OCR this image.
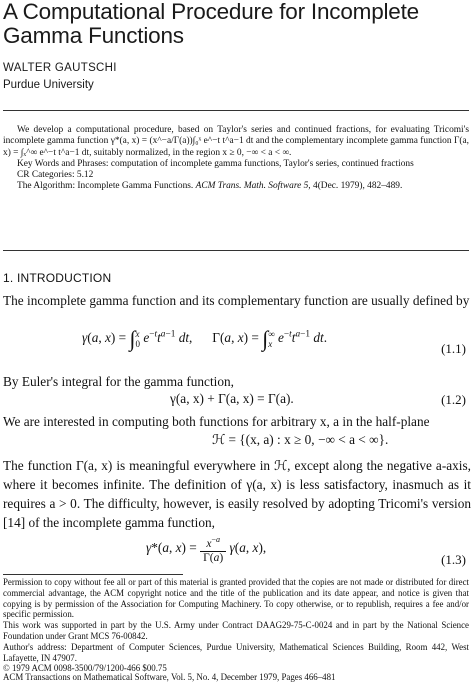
A Computational Procedure for Incomplete
Gamma Functions
WALTER GAUTSCHI
Purdue University

We develop a computational procedure, based on Taylor's series and continued fractions, for evaluating Tricomi's incomplete gamma function γ*(a, x) = (x^−a/Γ(a))∫₀ˣ e^−t t^a−1 dt and the complementary incomplete gamma function Γ(a, x) = ∫ₓ^∞ e^−t t^a−1 dt, suitably normalized, in the region x ≥ 0, −∞ < a < ∞.

Key Words and Phrases: computation of incomplete gamma functions, Taylor's series, continued fractions

CR Categories: 5.12

The Algorithm: Incomplete Gamma Functions. ACM Trans. Math. Software 5, 4(Dec. 1979), 482–489.

1. INTRODUCTION
The incomplete gamma function and its complementary function are usually defined by
γ(a, x) = ∫x
0 $e^{-t}t^{a-1}$ dt,      Γ(a, x) = ∫∞
x $e^{-t}t^{a-1}$ dt.
(1.1)
By Euler's integral for the gamma function,
γ(a, x) + Γ(a, x) = Γ(a).	(1.2)
We are interested in computing both functions for arbitrary x, a in the half-plane
ℋ = {(x, a) : x ≥ 0, −∞ < a < ∞}.
The function Γ(a, x) is meaningful everywhere in ℋ, except along the negative a-axis, where it becomes infinite. The definition of γ(a, x) is less satisfactory, inasmuch as it requires a > 0. The difficulty, however, is easily resolved by adopting Tricomi's version [14] of the incomplete gamma function,
γ*(a, $x) = \frac{x^{-a}}{\Gamma(a)} \gamma(a$, x),
(1.3)

Permission to copy without fee all or part of this material is granted provided that the copies are not made or distributed for direct commercial advantage, the ACM copyright notice and the title of the publication and its date appear, and notice is given that copying is by permission of the Association for Computing Machinery. To copy otherwise, or to republish, requires a fee and/or specific permission.

This work was supported in part by the U.S. Army under Contract DAAG29-75-C-0024 and in part by the National Science Foundation under Grant MCS 76-00842.

Author's address: Department of Computer Sciences, Purdue University, Mathematical Sciences Building, Room 442, West Lafayette, IN 47907.

© 1979 ACM 0098-3500/79/1200-466 $00.75

ACM Transactions on Mathematical Software, Vol. 5, No. 4, December 1979, Pages 466–481
